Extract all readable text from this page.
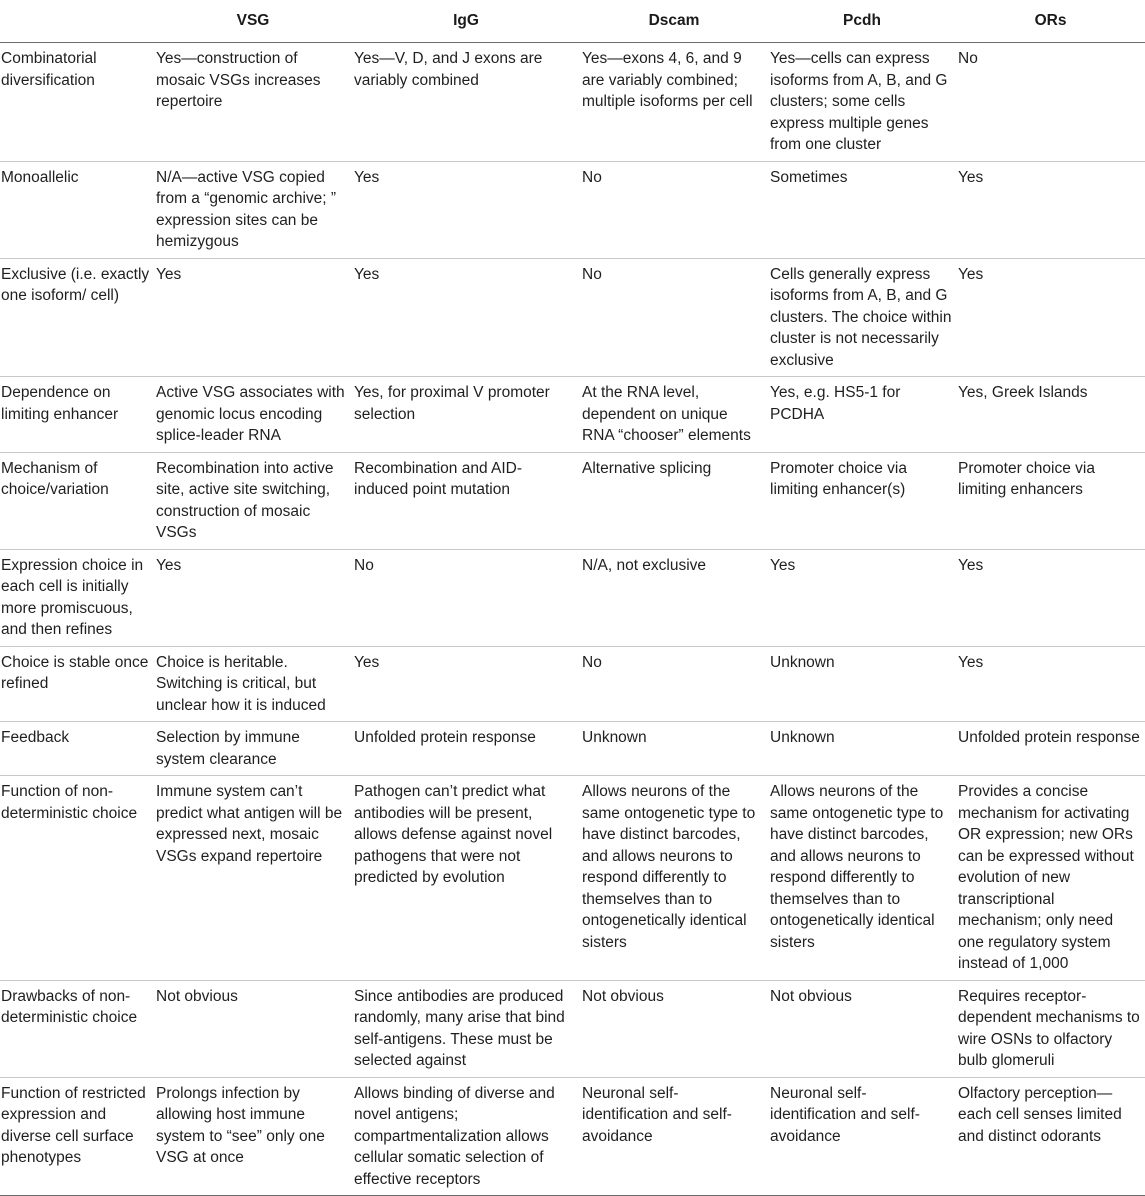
	VSG	IgG	Dscam	Pcdh	ORs
Combinatorial diversification	Yes—construction of mosaic VSGs increases repertoire	Yes—V, D, and J exons are variably combined	Yes—exons 4, 6, and 9 are variably combined; multiple isoforms per cell	Yes—cells can express isoforms from A, B, and G clusters; some cells express multiple genes from one cluster	No
Monoallelic	N/A—active VSG copied from a “genomic archive; ” expression sites can be hemizygous	Yes	No	Sometimes	Yes
Exclusive (i.e. exactly one isoform/ cell)	Yes	Yes	No	Cells generally express isoforms from A, B, and G clusters. The choice within cluster is not necessarily exclusive	Yes
Dependence on limiting enhancer	Active VSG associates with genomic locus encoding splice-leader RNA	Yes, for proximal V promoter selection	At the RNA level, dependent on unique RNA “chooser” elements	Yes, e.g. HS5-1 for PCDHA	Yes, Greek Islands
Mechanism of choice/variation	Recombination into active site, active site switching, construction of mosaic VSGs	Recombination and AID-induced point mutation	Alternative splicing	Promoter choice via limiting enhancer(s)	Promoter choice via limiting enhancers
Expression choice in each cell is initially more promiscuous, and then refines	Yes	No	N/A, not exclusive	Yes	Yes
Choice is stable once refined	Choice is heritable. Switching is critical, but unclear how it is induced	Yes	No	Unknown	Yes
Feedback	Selection by immune system clearance	Unfolded protein response	Unknown	Unknown	Unfolded protein response
Function of non-deterministic choice	Immune system can’t predict what antigen will be expressed next, mosaic VSGs expand repertoire	Pathogen can’t predict what antibodies will be present, allows defense against novel pathogens that were not predicted by evolution	Allows neurons of the same ontogenetic type to have distinct barcodes, and allows neurons to respond differently to themselves than to ontogenetically identical sisters	Allows neurons of the same ontogenetic type to have distinct barcodes, and allows neurons to respond differently to themselves than to ontogenetically identical sisters	Provides a concise mechanism for activating OR expression; new ORs can be expressed without evolution of new transcriptional mechanism; only need one regulatory system instead of 1,000
Drawbacks of non-deterministic choice	Not obvious	Since antibodies are produced randomly, many arise that bind self-antigens. These must be selected against	Not obvious	Not obvious	Requires receptor-dependent mechanisms to wire OSNs to olfactory bulb glomeruli
Function of restricted expression and diverse cell surface phenotypes	Prolongs infection by allowing host immune system to “see” only one VSG at once	Allows binding of diverse and novel antigens; compartmentalization allows cellular somatic selection of effective receptors	Neuronal self-identification and self-avoidance	Neuronal self-identification and self-avoidance	Olfactory perception—each cell senses limited and distinct odorants
